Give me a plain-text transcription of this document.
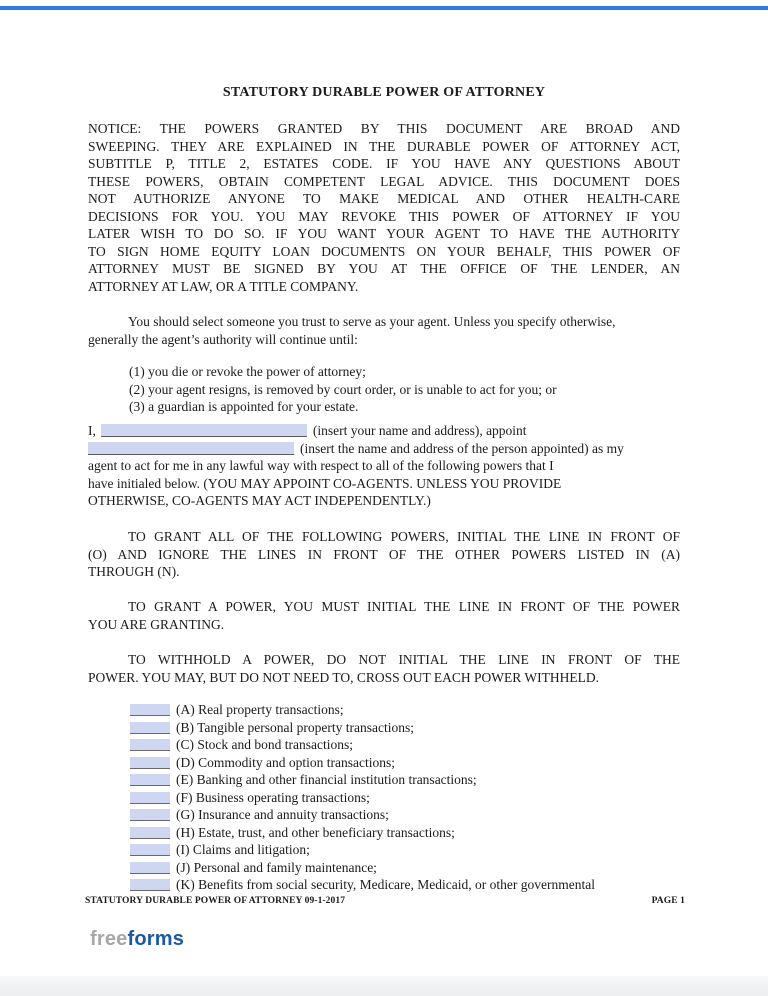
STATUTORY DURABLE POWER OF ATTORNEY
NOTICE: THE POWERS GRANTED BY THIS DOCUMENT ARE BROAD AND
SWEEPING. THEY ARE EXPLAINED IN THE DURABLE POWER OF ATTORNEY ACT,
SUBTITLE P, TITLE 2, ESTATES CODE. IF YOU HAVE ANY QUESTIONS ABOUT
THESE POWERS, OBTAIN COMPETENT LEGAL ADVICE. THIS DOCUMENT DOES
NOT AUTHORIZE ANYONE TO MAKE MEDICAL AND OTHER HEALTH-CARE
DECISIONS FOR YOU. YOU MAY REVOKE THIS POWER OF ATTORNEY IF YOU
LATER WISH TO DO SO. IF YOU WANT YOUR AGENT TO HAVE THE AUTHORITY
TO SIGN HOME EQUITY LOAN DOCUMENTS ON YOUR BEHALF, THIS POWER OF
ATTORNEY MUST BE SIGNED BY YOU AT THE OFFICE OF THE LENDER, AN
ATTORNEY AT LAW, OR A TITLE COMPANY.
You should select someone you trust to serve as your agent. Unless you specify otherwise,
generally the agent’s authority will continue until:
(1) you die or revoke the power of attorney;
(2) your agent resigns, is removed by court order, or is unable to act for you; or
(3) a guardian is appointed for your estate.
I,	(insert your name and address), appoint
(insert the name and address of the person appointed) as my
agent to act for me in any lawful way with respect to all of the following powers that I
have initialed below. (YOU MAY APPOINT CO-AGENTS. UNLESS YOU PROVIDE
OTHERWISE, CO-AGENTS MAY ACT INDEPENDENTLY.)
TO GRANT ALL OF THE FOLLOWING POWERS, INITIAL THE LINE IN FRONT OF
(O) AND IGNORE THE LINES IN FRONT OF THE OTHER POWERS LISTED IN (A)
THROUGH (N).
TO GRANT A POWER, YOU MUST INITIAL THE LINE IN FRONT OF THE POWER
YOU ARE GRANTING.
TO WITHHOLD A POWER, DO NOT INITIAL THE LINE IN FRONT OF THE
POWER. YOU MAY, BUT DO NOT NEED TO, CROSS OUT EACH POWER WITHHELD.
(A) Real property transactions;
(B) Tangible personal property transactions;
(C) Stock and bond transactions;
(D) Commodity and option transactions;
(E) Banking and other financial institution transactions;
(F) Business operating transactions;
(G) Insurance and annuity transactions;
(H) Estate, trust, and other beneficiary transactions;
(I) Claims and litigation;
(J) Personal and family maintenance;
(K) Benefits from social security, Medicare, Medicaid, or other governmental
STATUTORY DURABLE POWER OF ATTORNEY 09-1-2017	PAGE 1
freeforms
